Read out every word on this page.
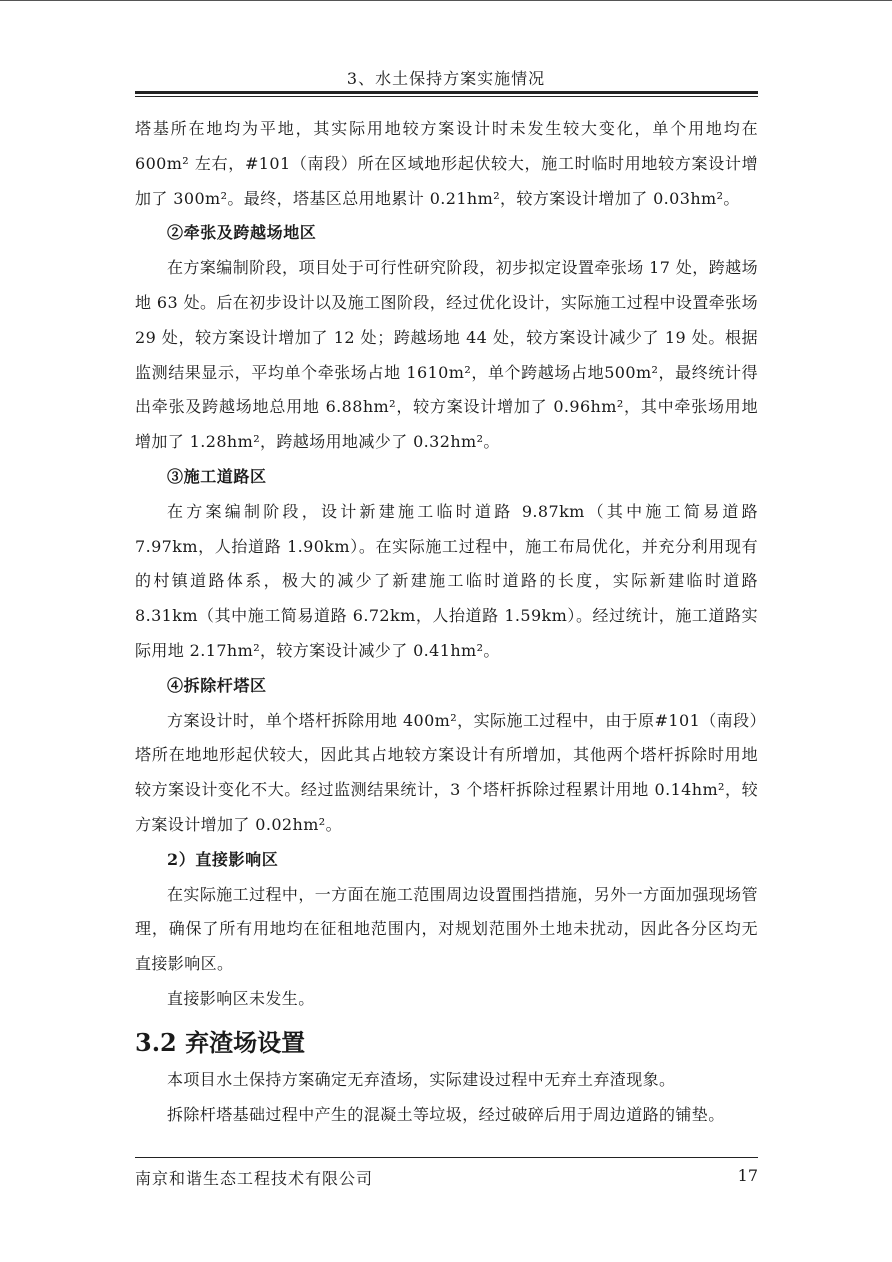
3、水土保持方案实施情况

塔基所在地均为平地，其实际用地较方案设计时未发生较大变化，单个用地均在600m² 左右，#101（南段）所在区域地形起伏较大，施工时临时用地较方案设计增加了 300m²。最终，塔基区总用地累计 0.21hm²，较方案设计增加了 0.03hm²。

②牵张及跨越场地区

在方案编制阶段，项目处于可行性研究阶段，初步拟定设置牵张场 17 处，跨越场地 63 处。后在初步设计以及施工图阶段，经过优化设计，实际施工过程中设置牵张场 29 处，较方案设计增加了 12 处；跨越场地 44 处，较方案设计减少了 19 处。根据监测结果显示，平均单个牵张场占地 1610m²，单个跨越场占地500m²，最终统计得出牵张及跨越场地总用地 6.88hm²，较方案设计增加了 0.96hm²，其中牵张场用地增加了 1.28hm²，跨越场用地减少了 0.32hm²。

③施工道路区

在方案编制阶段，设计新建施工临时道路 9.87km（其中施工简易道路 7.97km，人抬道路 1.90km）。在实际施工过程中，施工布局优化，并充分利用现有的村镇道路体系，极大的减少了新建施工临时道路的长度，实际新建临时道路 8.31km（其中施工简易道路 6.72km，人抬道路 1.59km）。经过统计，施工道路实际用地 2.17hm²，较方案设计减少了 0.41hm²。

④拆除杆塔区

方案设计时，单个塔杆拆除用地 400m²，实际施工过程中，由于原#101（南段）塔所在地地形起伏较大，因此其占地较方案设计有所增加，其他两个塔杆拆除时用地较方案设计变化不大。经过监测结果统计，3 个塔杆拆除过程累计用地 0.14hm²，较方案设计增加了 0.02hm²。

2）直接影响区

在实际施工过程中，一方面在施工范围周边设置围挡措施，另外一方面加强现场管理，确保了所有用地均在征租地范围内，对规划范围外土地未扰动，因此各分区均无直接影响区。

直接影响区未发生。

3.2 弃渣场设置

本项目水土保持方案确定无弃渣场，实际建设过程中无弃土弃渣现象。

拆除杆塔基础过程中产生的混凝土等垃圾，经过破碎后用于周边道路的铺垫。

南京和谐生态工程技术有限公司	17
